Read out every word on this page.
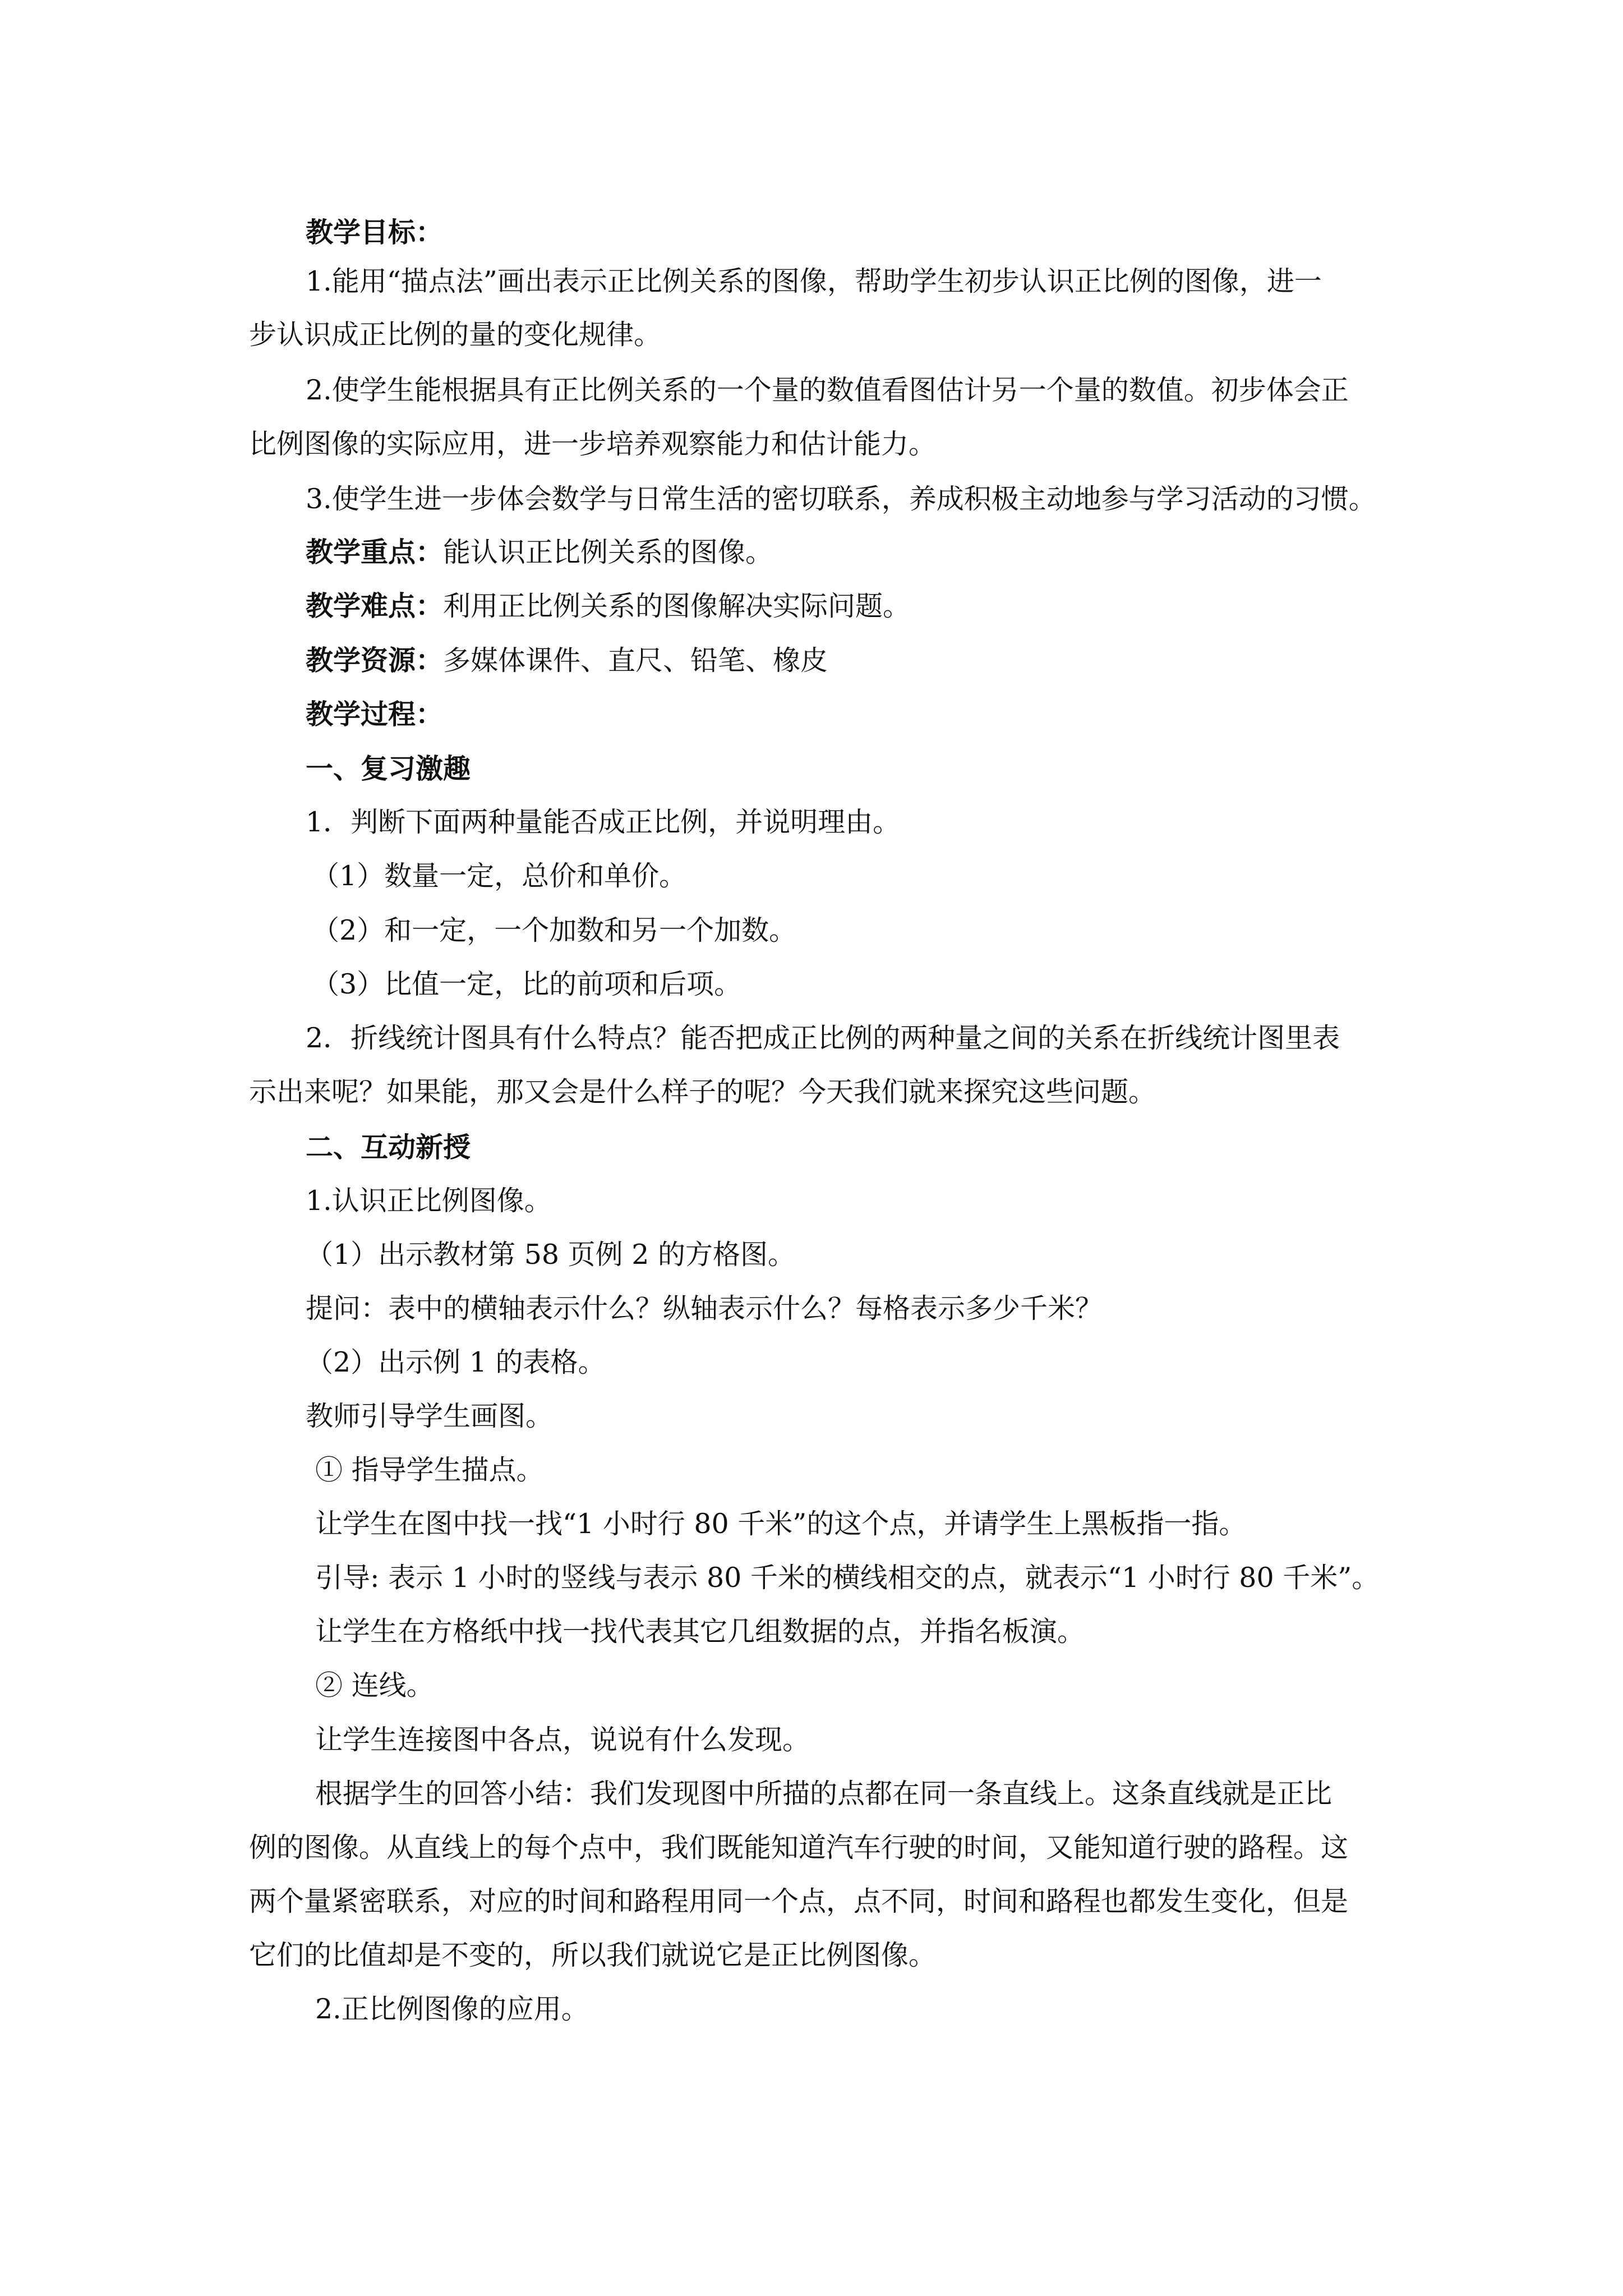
教学目标：

1.能用“描点法”画出表示正比例关系的图像，帮助学生初步认识正比例的图像，进一

步认识成正比例的量的变化规律。

2.使学生能根据具有正比例关系的一个量的数值看图估计另一个量的数值。初步体会正

比例图像的实际应用，进一步培养观察能力和估计能力。

3.使学生进一步体会数学与日常生活的密切联系，养成积极主动地参与学习活动的习惯。

教学重点：能认识正比例关系的图像。

教学难点：利用正比例关系的图像解决实际问题。

教学资源：多媒体课件、直尺、铅笔、橡皮

教学过程：

一、复习激趣

1．判断下面两种量能否成正比例，并说明理由。

（1）数量一定，总价和单价。

（2）和一定，一个加数和另一个加数。

（3）比值一定，比的前项和后项。

2．折线统计图具有什么特点？能否把成正比例的两种量之间的关系在折线统计图里表

示出来呢？如果能，那又会是什么样子的呢？今天我们就来探究这些问题。

二、互动新授

1.认识正比例图像。

（1）出示教材第 58 页例 2 的方格图。

提问：表中的横轴表示什么？纵轴表示什么？每格表示多少千米？

（2）出示例 1 的表格。

教师引导学生画图。

① 指导学生描点。

让学生在图中找一找“1 小时行 80 千米”的这个点，并请学生上黑板指一指。

引导: 表示 1 小时的竖线与表示 80 千米的横线相交的点，就表示“1 小时行 80 千米”。

让学生在方格纸中找一找代表其它几组数据的点，并指名板演。

② 连线。

让学生连接图中各点，说说有什么发现。

根据学生的回答小结：我们发现图中所描的点都在同一条直线上。这条直线就是正比

例的图像。从直线上的每个点中，我们既能知道汽车行驶的时间，又能知道行驶的路程。这

两个量紧密联系，对应的时间和路程用同一个点，点不同，时间和路程也都发生变化，但是

它们的比值却是不变的，所以我们就说它是正比例图像。

2.正比例图像的应用。
